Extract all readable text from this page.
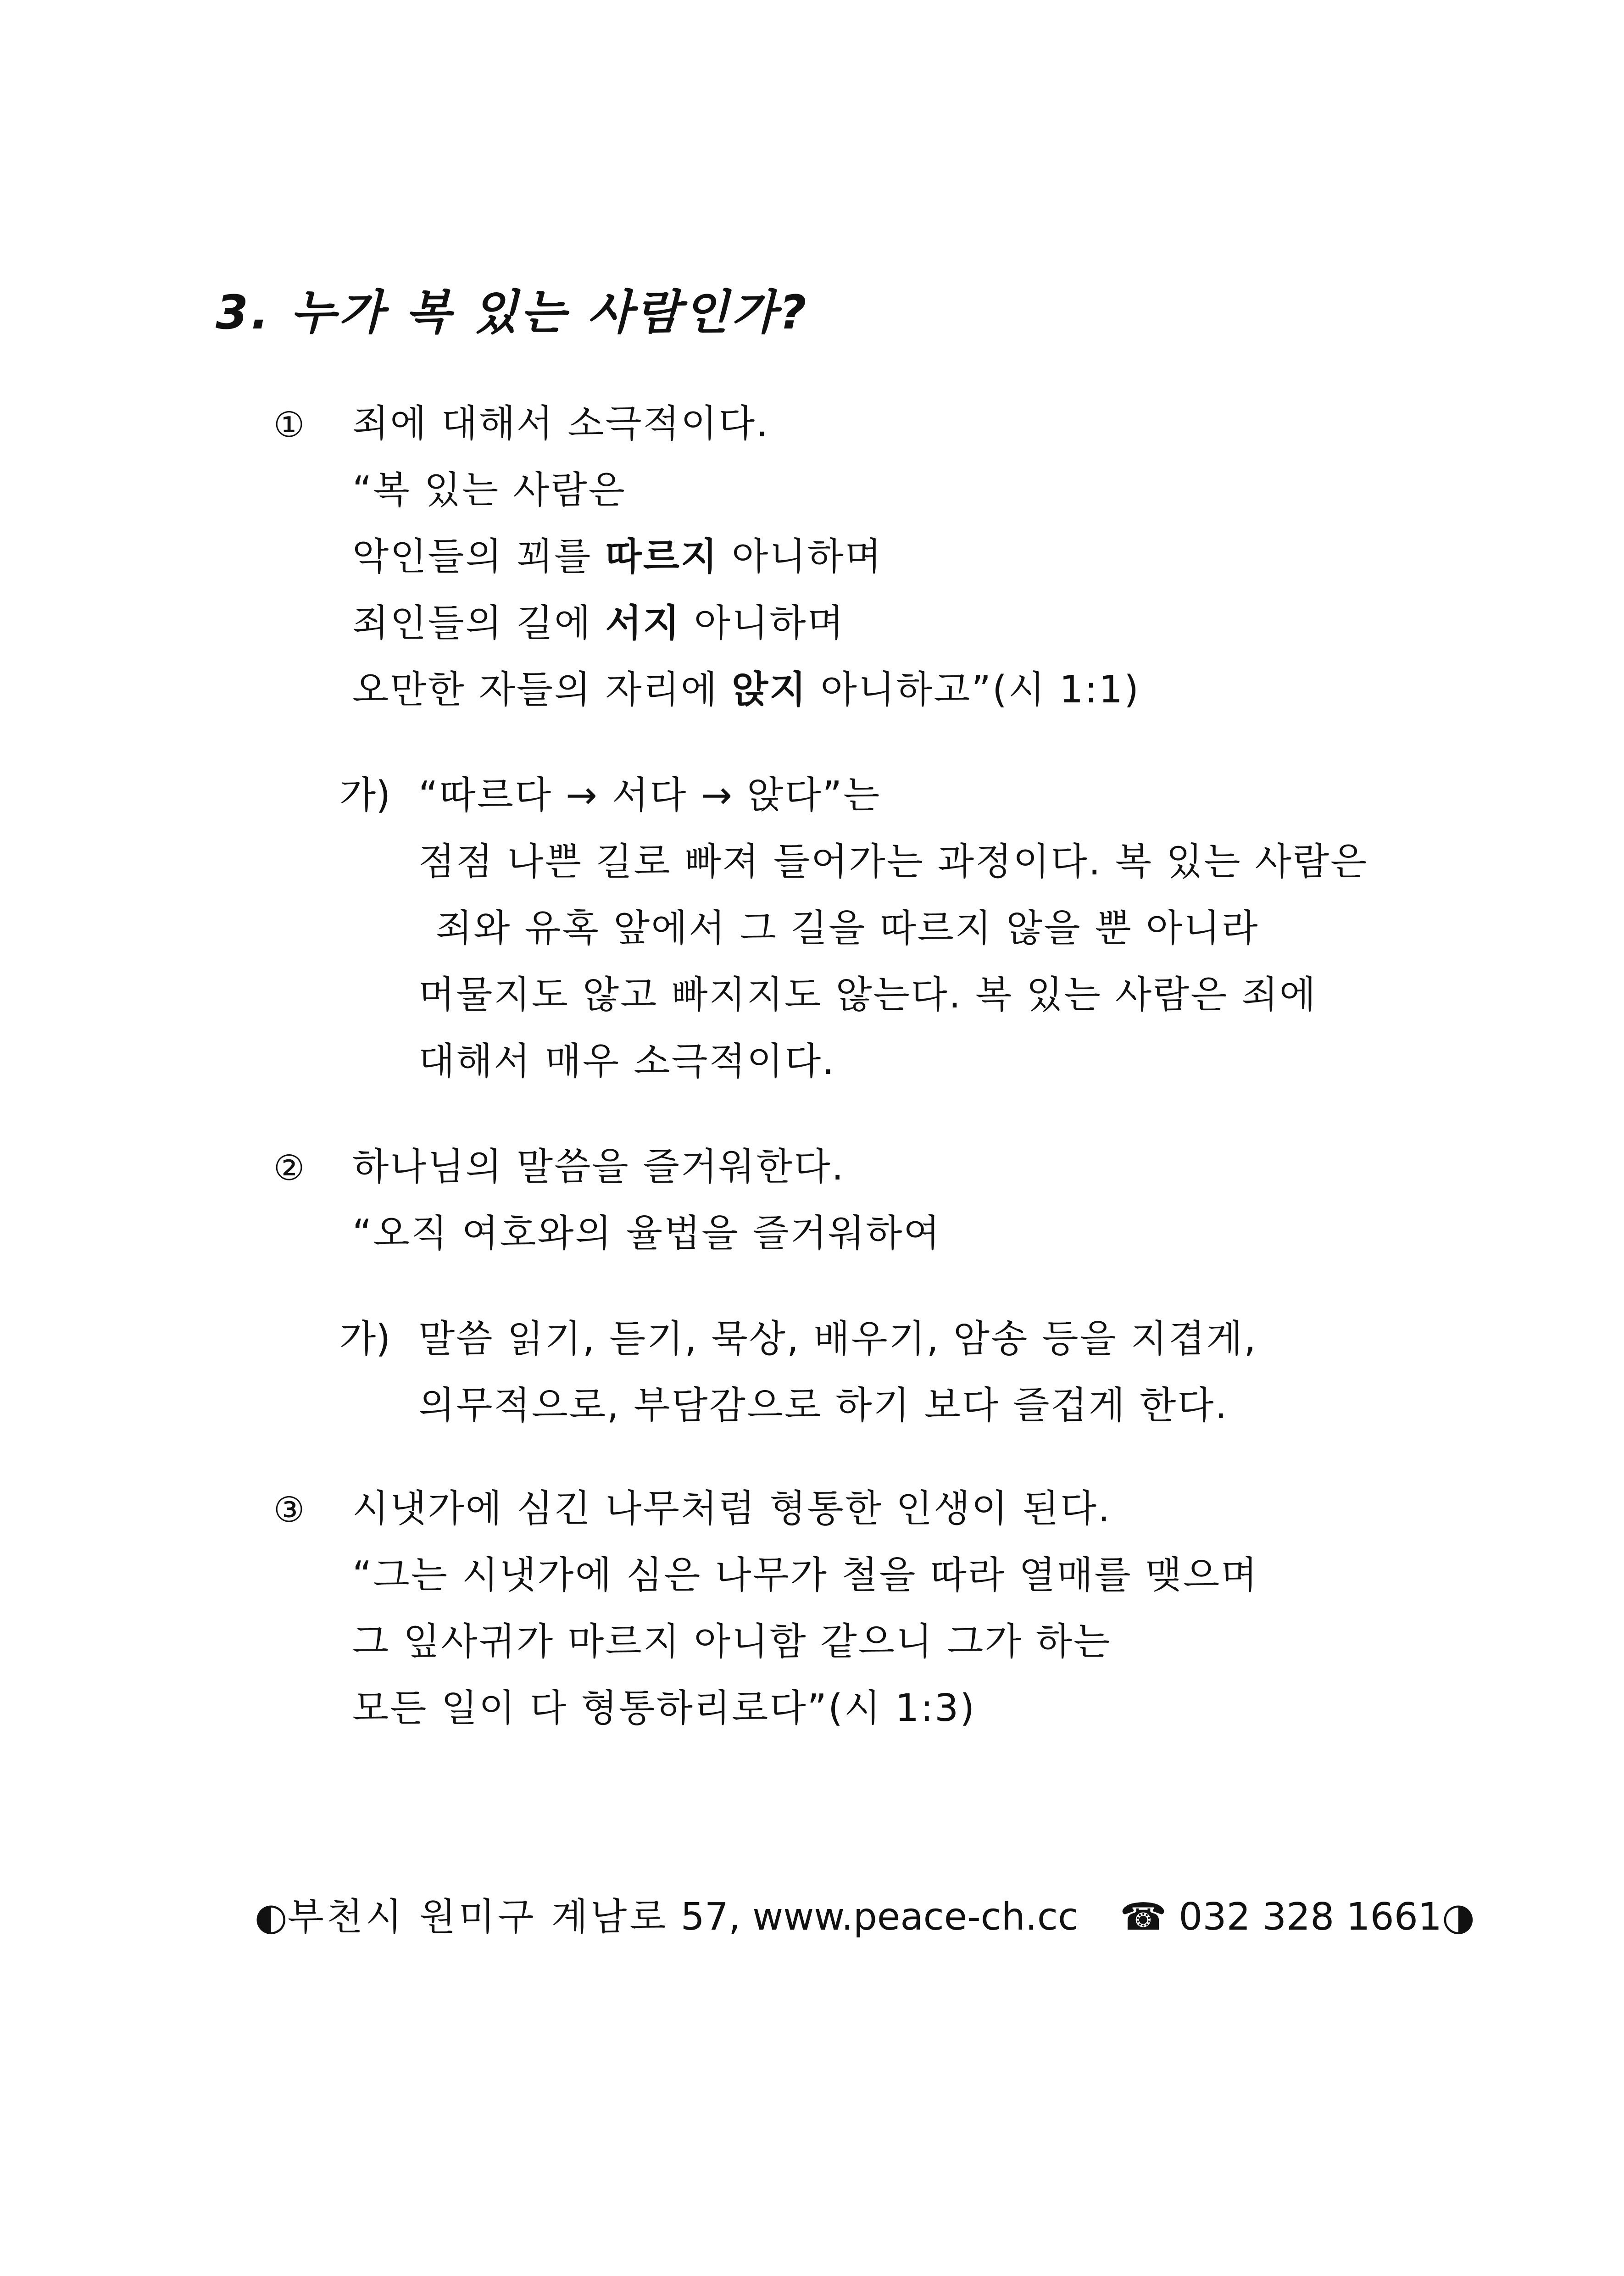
3. 누가 복 있는 사람인가?
① 죄에 대해서 소극적이다.
“복 있는 사람은
악인들의 꾀를 따르지 아니하며
죄인들의 길에 서지 아니하며
오만한 자들의 자리에 앉지 아니하고”(시 1:1)
가) “따르다 → 서다 → 앉다”는
점점 나쁜 길로 빠져 들어가는 과정이다. 복 있는 사람은
죄와 유혹 앞에서 그 길을 따르지 않을 뿐 아니라
머물지도 않고 빠지지도 않는다. 복 있는 사람은 죄에
대해서 매우 소극적이다.
② 하나님의 말씀을 즐거워한다.
“오직 여호와의 율법을 즐거워하여
가) 말씀 읽기, 듣기, 묵상, 배우기, 암송 등을 지겹게,
의무적으로, 부담감으로 하기 보다 즐겁게 한다.
③ 시냇가에 심긴 나무처럼 형통한 인생이 된다.
“그는 시냇가에 심은 나무가 철을 따라 열매를 맺으며
그 잎사귀가 마르지 아니함 같으니 그가 하는
모든 일이 다 형통하리로다”(시 1:3)
◐부천시 원미구 계남로 57, www.peace-ch.cc ☎ 032 328 1661◑
